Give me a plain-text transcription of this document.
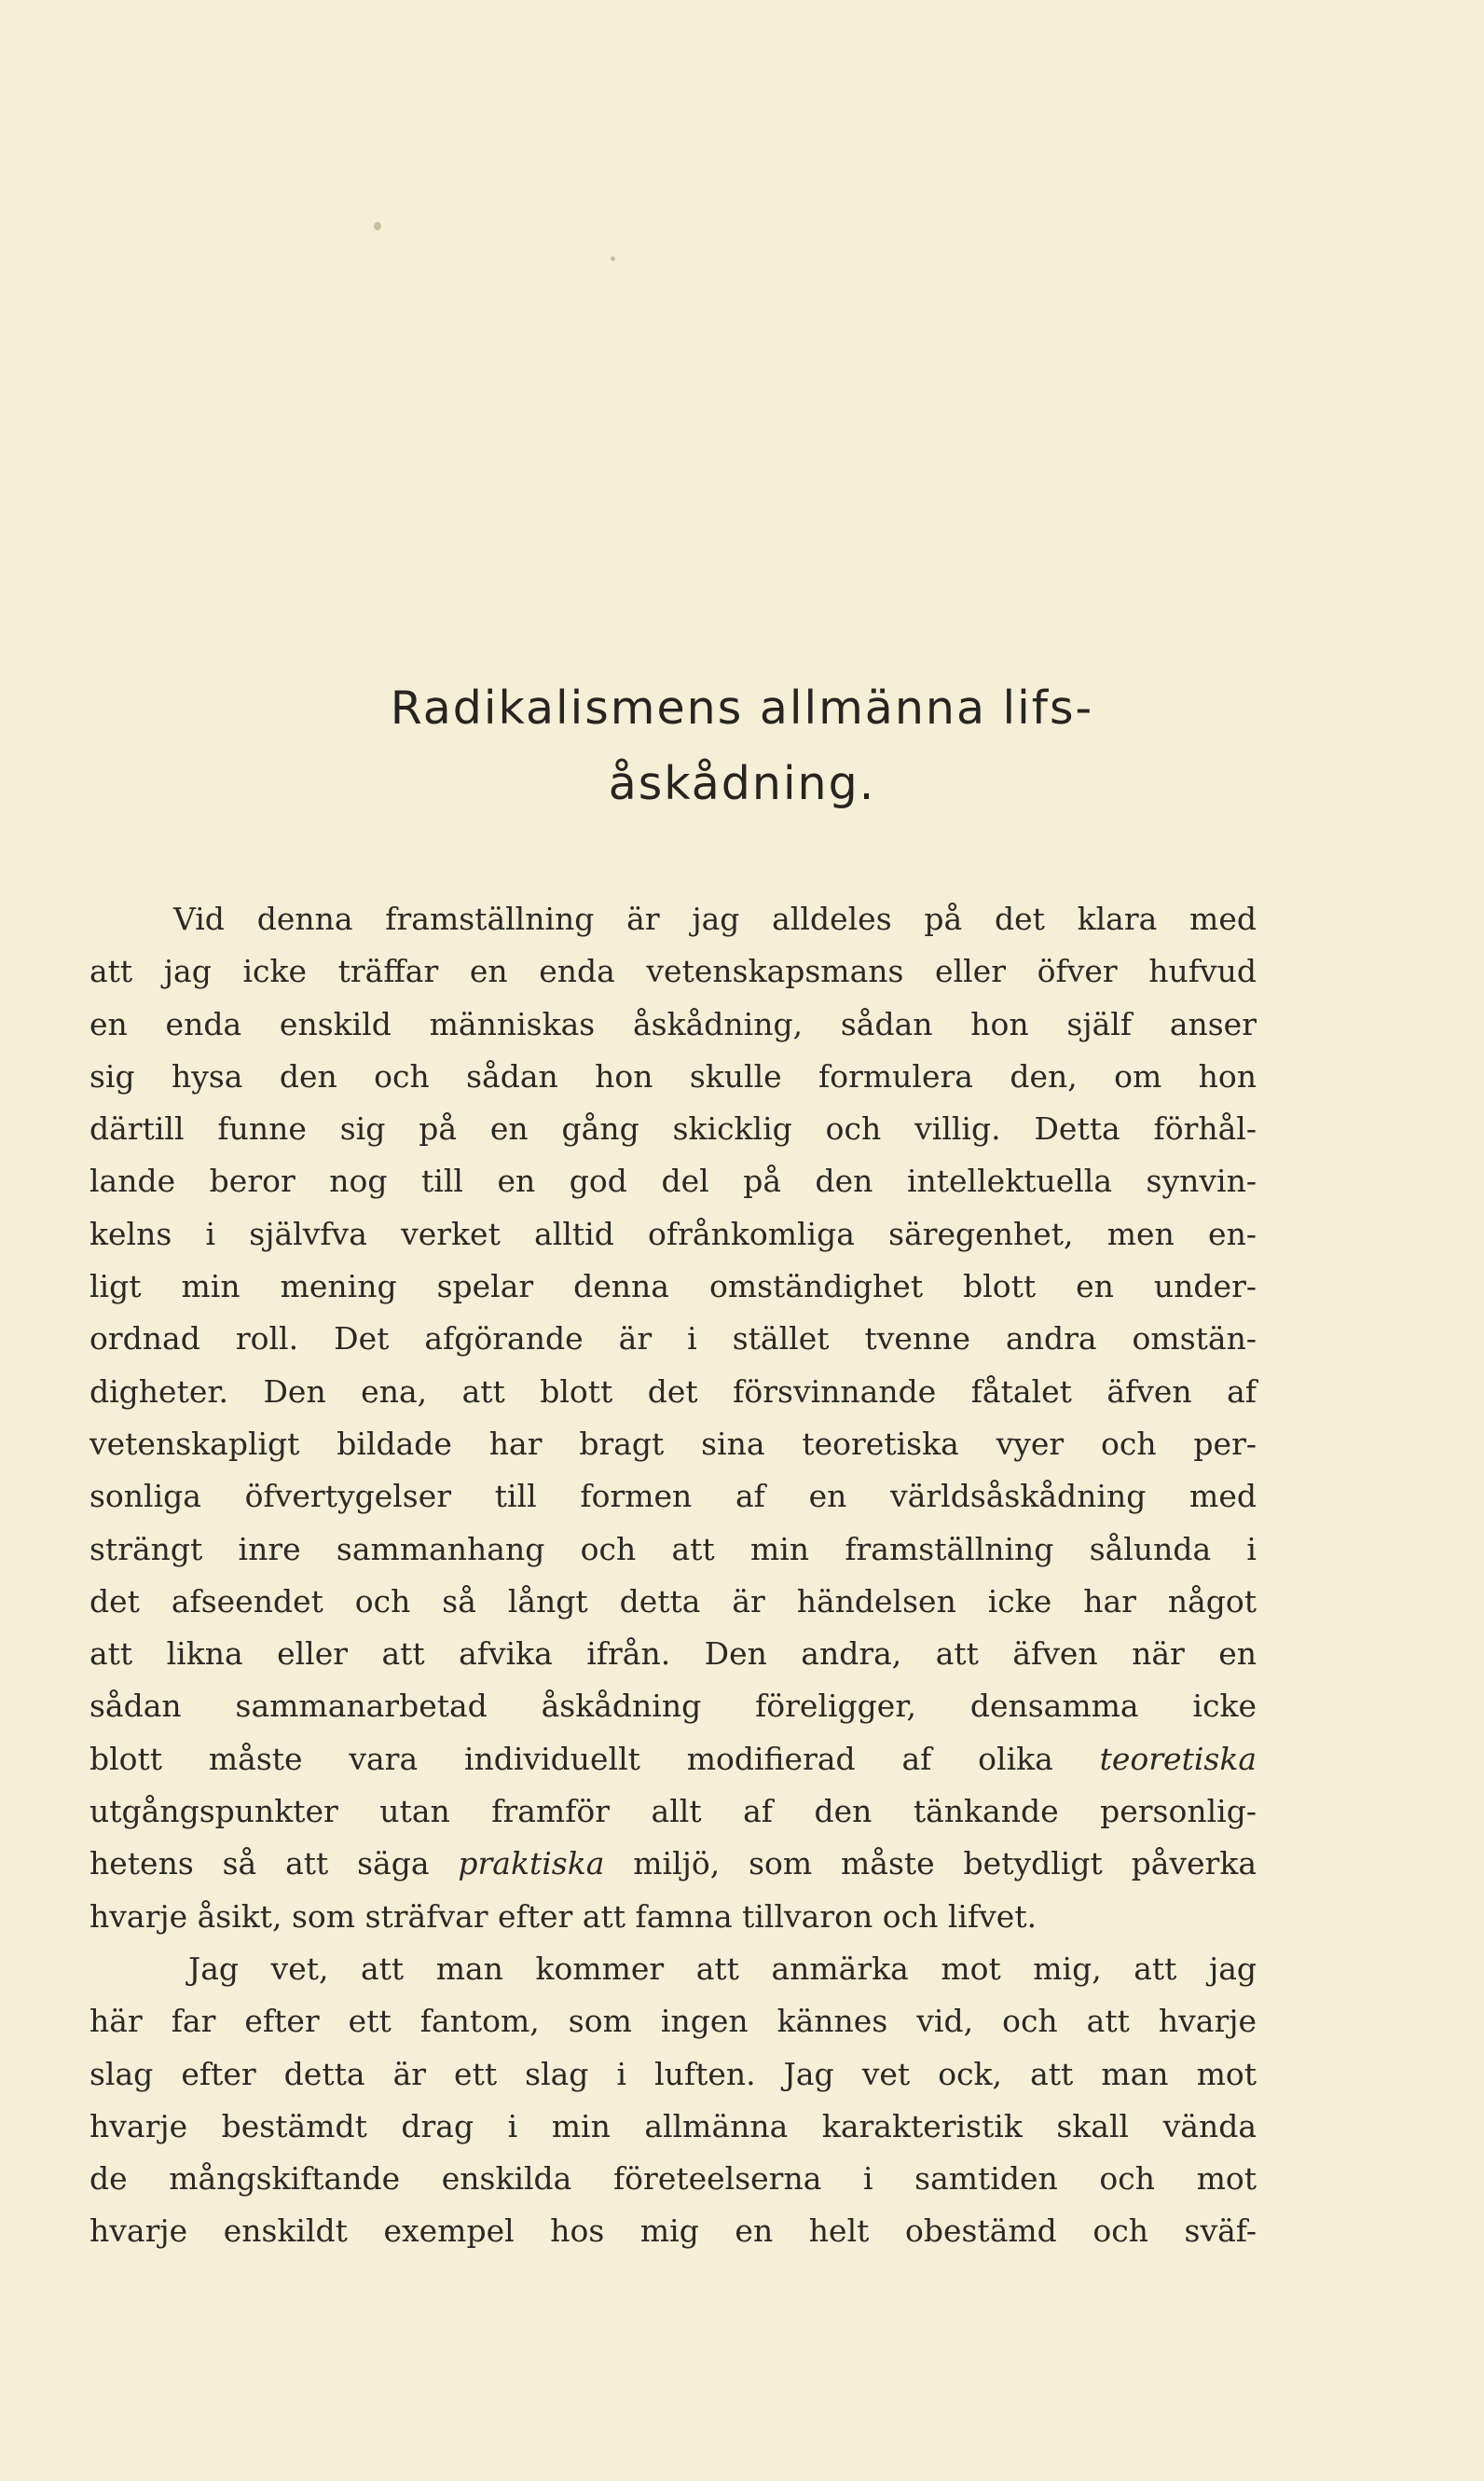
Radikalismens allmänna lifs-
åskådning.
Vid denna framställning är jag alldeles på det klara med
att jag icke träffar en enda vetenskapsmans eller öfver hufvud
en enda enskild människas åskådning, sådan hon själf anser
sig hysa den och sådan hon skulle formulera den, om hon
därtill funne sig på en gång skicklig och villig. Detta förhål-
lande beror nog till en god del på den intellektuella synvin-
kelns i självfva verket alltid ofrånkomliga säregenhet, men en-
ligt min mening spelar denna omständighet blott en under-
ordnad roll. Det afgörande är i stället tvenne andra omstän-
digheter. Den ena, att blott det försvinnande fåtalet äfven af
vetenskapligt bildade har bragt sina teoretiska vyer och per-
sonliga öfvertygelser till formen af en världsåskådning med
strängt inre sammanhang och att min framställning sålunda i
det afseendet och så långt detta är händelsen icke har något
att likna eller att afvika ifrån. Den andra, att äfven när en
sådan sammanarbetad åskådning föreligger, densamma icke
blott måste vara individuellt modifierad af olika teoretiska
utgångspunkter utan framför allt af den tänkande personlig-
hetens så att säga praktiska miljö, som måste betydligt påverka
hvarje åsikt, som sträfvar efter att famna tillvaron och lifvet.
Jag vet, att man kommer att anmärka mot mig, att jag
här far efter ett fantom, som ingen kännes vid, och att hvarje
slag efter detta är ett slag i luften. Jag vet ock, att man mot
hvarje bestämdt drag i min allmänna karakteristik skall vända
de mångskiftande enskilda företeelserna i samtiden och mot
hvarje enskildt exempel hos mig en helt obestämd och sväf-
